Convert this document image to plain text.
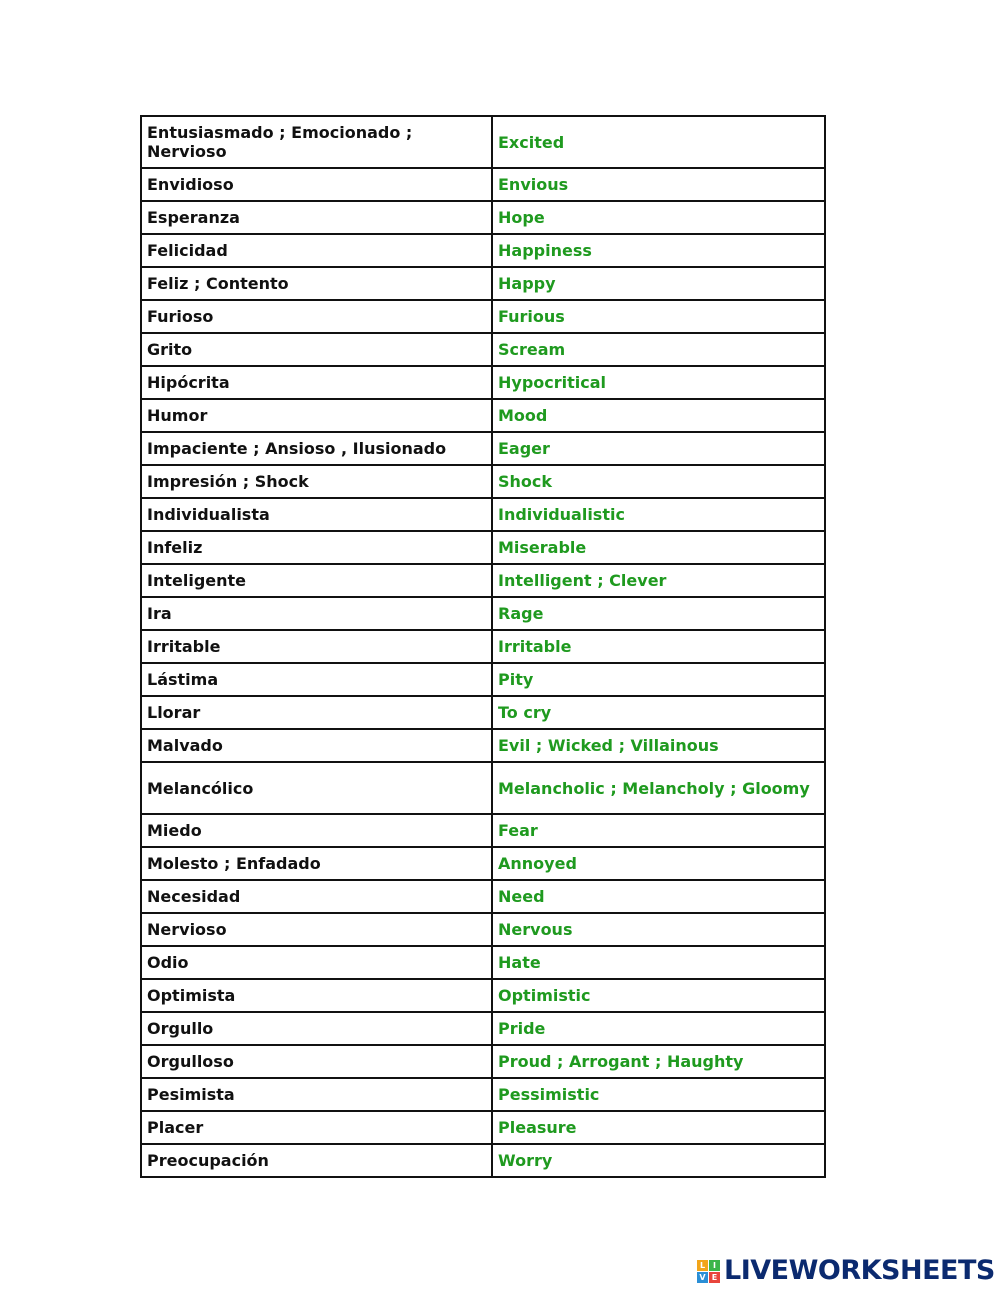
Entusiasmado ; Emocionado ; Nervioso	Excited
Envidioso	Envious
Esperanza	Hope
Felicidad	Happiness
Feliz ; Contento	Happy
Furioso	Furious
Grito	Scream
Hipócrita	Hypocritical
Humor	Mood
Impaciente ; Ansioso , Ilusionado	Eager
Impresión ; Shock	Shock
Individualista	Individualistic
Infeliz	Miserable
Inteligente	Intelligent ; Clever
Ira	Rage
Irritable	Irritable
Lástima	Pity
Llorar	To cry
Malvado	Evil ; Wicked ; Villainous
Melancólico	Melancholic ; Melancholy ; Gloomy
Miedo	Fear
Molesto ; Enfadado	Annoyed
Necesidad	Need
Nervioso	Nervous
Odio	Hate
Optimista	Optimistic
Orgullo	Pride
Orgulloso	Proud ; Arrogant ; Haughty
Pesimista	Pessimistic
Placer	Pleasure
Preocupación	Worry
L I
V E LIVEWORKSHEETS
